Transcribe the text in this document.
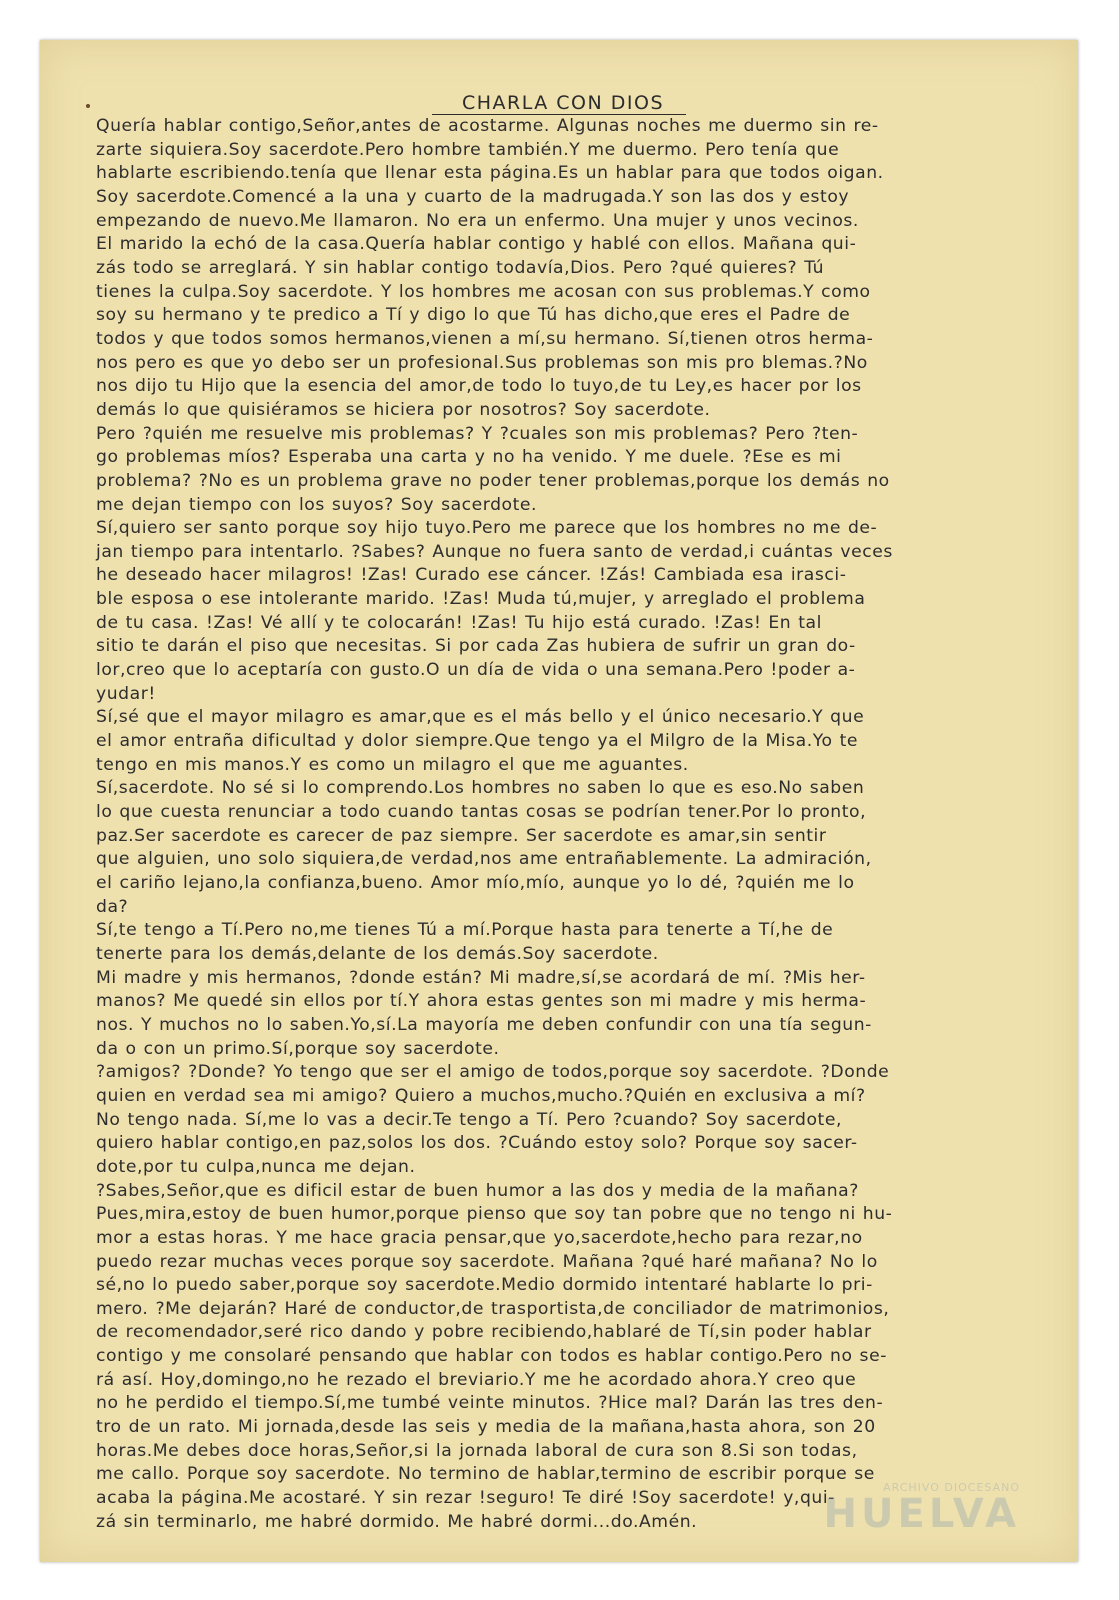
CHARLA CON DIOS
Quería hablar contigo,Señor,antes de acostarme. Algunas noches me duermo sin re-
zarte siquiera.Soy sacerdote.Pero hombre también.Y me duermo. Pero tenía que
hablarte escribiendo.tenía que llenar esta página.Es un hablar para que todos oigan.
Soy sacerdote.Comencé a la una y cuarto de la madrugada.Y son las dos y estoy
empezando de nuevo.Me llamaron. No era un enfermo. Una mujer y unos vecinos.
El marido la echó de la casa.Quería hablar contigo y hablé con ellos. Mañana qui-
zás todo se arreglará. Y sin hablar contigo todavía,Dios. Pero ?qué quieres? Tú
tienes la culpa.Soy sacerdote. Y los hombres me acosan con sus problemas.Y como
soy su hermano y te predico a Tí y digo lo que Tú has dicho,que eres el Padre de
todos y que todos somos hermanos,vienen a mí,su hermano. Sí,tienen otros herma-
nos pero es que yo debo ser un profesional.Sus problemas son mis pro blemas.?No
nos dijo tu Hijo que la esencia del amor,de todo lo tuyo,de tu Ley,es hacer por los
demás lo que quisiéramos se hiciera por nosotros? Soy sacerdote.
Pero ?quién me resuelve mis problemas? Y ?cuales son mis problemas? Pero ?ten-
go problemas míos? Esperaba una carta y no ha venido. Y me duele. ?Ese es mi
problema? ?No es un problema grave no poder tener problemas,porque los demás no
me dejan tiempo con los suyos? Soy sacerdote.
Sí,quiero ser santo porque soy hijo tuyo.Pero me parece que los hombres no me de-
jan tiempo para intentarlo. ?Sabes? Aunque no fuera santo de verdad,i cuántas veces
he deseado hacer milagros! !Zas! Curado ese cáncer. !Zás! Cambiada esa irasci-
ble esposa o ese intolerante marido. !Zas! Muda tú,mujer, y arreglado el problema
de tu casa. !Zas! Vé allí y te colocarán! !Zas! Tu hijo está curado. !Zas! En tal
sitio te darán el piso que necesitas. Si por cada Zas hubiera de sufrir un gran do-
lor,creo que lo aceptaría con gusto.O un día de vida o una semana.Pero !poder a-
yudar!
Sí,sé que el mayor milagro es amar,que es el más bello y el único necesario.Y que
el amor entraña dificultad y dolor siempre.Que tengo ya el Milgro de la Misa.Yo te
tengo en mis manos.Y es como un milagro el que me aguantes.
Sí,sacerdote. No sé si lo comprendo.Los hombres no saben lo que es eso.No saben
lo que cuesta renunciar a todo cuando tantas cosas se podrían tener.Por lo pronto,
paz.Ser sacerdote es carecer de paz siempre. Ser sacerdote es amar,sin sentir
que alguien, uno solo siquiera,de verdad,nos ame entrañablemente. La admiración,
el cariño lejano,la confianza,bueno. Amor mío,mío, aunque yo lo dé, ?quién me lo
da?
Sí,te tengo a Tí.Pero no,me tienes Tú a mí.Porque hasta para tenerte a Tí,he de
tenerte para los demás,delante de los demás.Soy sacerdote.
Mi madre y mis hermanos, ?donde están? Mi madre,sí,se acordará de mí. ?Mis her-
manos? Me quedé sin ellos por tí.Y ahora estas gentes son mi madre y mis herma-
nos. Y muchos no lo saben.Yo,sí.La mayoría me deben confundir con una tía segun-
da o con un primo.Sí,porque soy sacerdote.
?amigos? ?Donde? Yo tengo que ser el amigo de todos,porque soy sacerdote. ?Donde
quien en verdad sea mi amigo? Quiero a muchos,mucho.?Quién en exclusiva a mí?
No tengo nada. Sí,me lo vas a decir.Te tengo a Tí. Pero ?cuando? Soy sacerdote,
quiero hablar contigo,en paz,solos los dos. ?Cuándo estoy solo? Porque soy sacer-
dote,por tu culpa,nunca me dejan.
?Sabes,Señor,que es dificil estar de buen humor a las dos y media de la mañana?
Pues,mira,estoy de buen humor,porque pienso que soy tan pobre que no tengo ni hu-
mor a estas horas. Y me hace gracia pensar,que yo,sacerdote,hecho para rezar,no
puedo rezar muchas veces porque soy sacerdote. Mañana ?qué haré mañana? No lo
sé,no lo puedo saber,porque soy sacerdote.Medio dormido intentaré hablarte lo pri-
mero. ?Me dejarán? Haré de conductor,de trasportista,de conciliador de matrimonios,
de recomendador,seré rico dando y pobre recibiendo,hablaré de Tí,sin poder hablar
contigo y me consolaré pensando que hablar con todos es hablar contigo.Pero no se-
rá así. Hoy,domingo,no he rezado el breviario.Y me he acordado ahora.Y creo que
no he perdido el tiempo.Sí,me tumbé veinte minutos. ?Hice mal? Darán las tres den-
tro de un rato. Mi jornada,desde las seis y media de la mañana,hasta ahora, son 20
horas.Me debes doce horas,Señor,si la jornada laboral de cura son 8.Si son todas,
me callo. Porque soy sacerdote. No termino de hablar,termino de escribir porque se
acaba la página.Me acostaré. Y sin rezar !seguro! Te diré !Soy sacerdote! y,qui-
zá sin terminarlo, me habré dormido. Me habré dormi...do.Amén.
ARCHIVO DIOCESANO
HUELVA
